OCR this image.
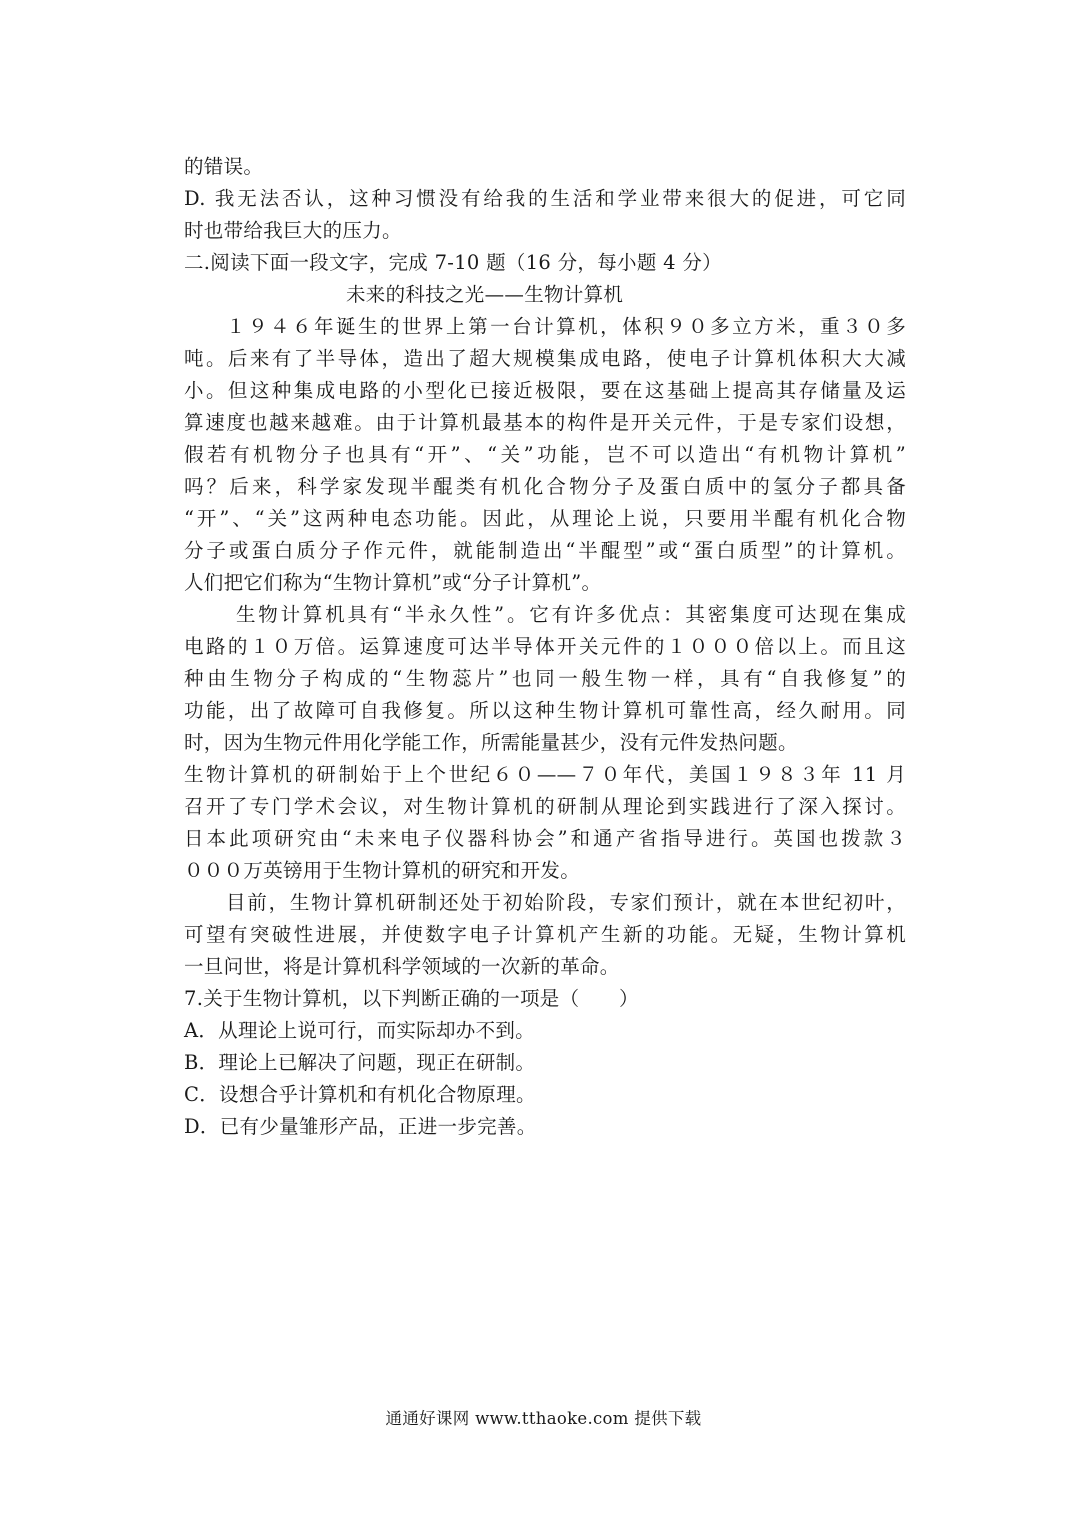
的错误。
D. 我无法否认，这种习惯没有给我的生活和学业带来很大的促进，可它同
时也带给我巨大的压力。
二.阅读下面一段文字，完成 7-10 题（16 分，每小题 4 分）
未来的科技之光——生物计算机
１９４６年诞生的世界上第一台计算机，体积９０多立方米，重３０多
吨。后来有了半导体，造出了超大规模集成电路，使电子计算机体积大大减
小。但这种集成电路的小型化已接近极限，要在这基础上提高其存储量及运
算速度也越来越难。由于计算机最基本的构件是开关元件，于是专家们设想，
假若有机物分子也具有“开”、“关”功能，岂不可以造出“有机物计算机”
吗？后来，科学家发现半醌类有机化合物分子及蛋白质中的氢分子都具备
“开”、“关”这两种电态功能。因此，从理论上说，只要用半醌有机化合物
分子或蛋白质分子作元件，就能制造出“半醌型”或“蛋白质型”的计算机。
人们把它们称为“生物计算机”或“分子计算机”。
生物计算机具有“半永久性”。它有许多优点：其密集度可达现在集成
电路的１０万倍。运算速度可达半导体开关元件的１０００倍以上。而且这
种由生物分子构成的“生物蕊片”也同一般生物一样，具有“自我修复”的
功能，出了故障可自我修复。所以这种生物计算机可靠性高，经久耐用。同
时，因为生物元件用化学能工作，所需能量甚少，没有元件发热问题。
生物计算机的研制始于上个世纪６０——７０年代，美国１９８３年 11 月
召开了专门学术会议，对生物计算机的研制从理论到实践进行了深入探讨。
日本此项研究由“未来电子仪器科协会”和通产省指导进行。英国也拨款３
０００万英镑用于生物计算机的研究和开发。
目前，生物计算机研制还处于初始阶段，专家们预计，就在本世纪初叶，
可望有突破性进展，并使数字电子计算机产生新的功能。无疑，生物计算机
一旦问世，将是计算机科学领域的一次新的革命。
7.关于生物计算机，以下判断正确的一项是（　　）
A．从理论上说可行，而实际却办不到。
B．理论上已解决了问题，现正在研制。
C．设想合乎计算机和有机化合物原理。
D．已有少量雏形产品，正进一步完善。
通通好课网 www.tthaoke.com 提供下载
